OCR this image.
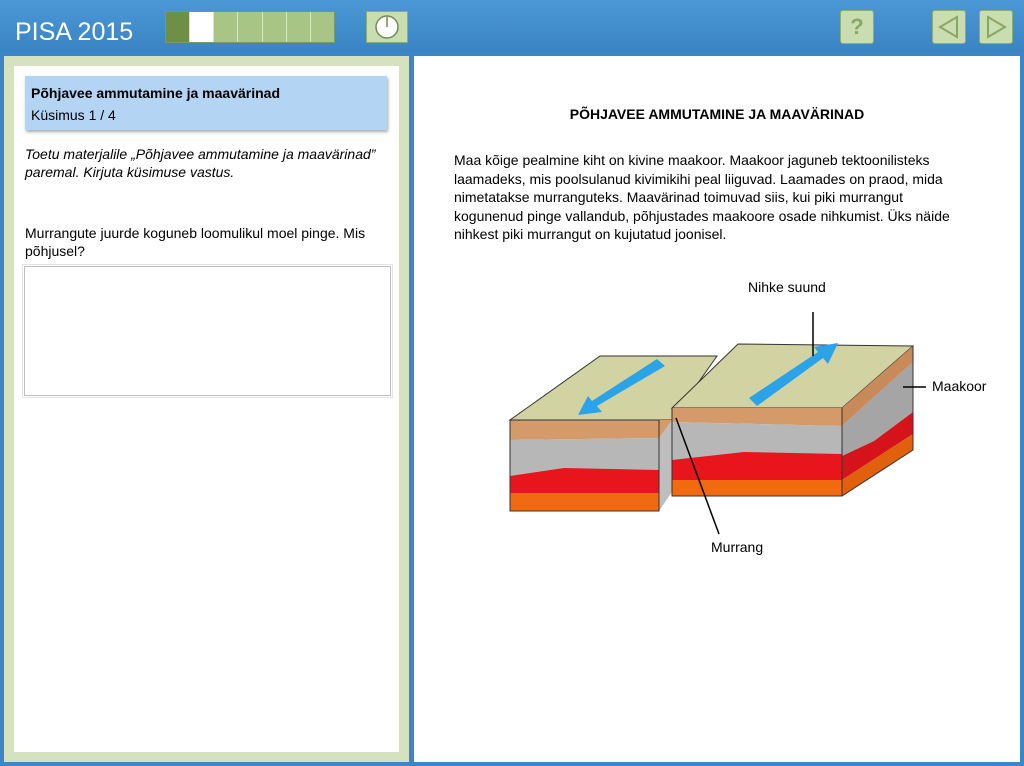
PISA 2015	?
Põhjavee ammutamine ja maavärinad
Küsimus 1 / 4
Toetu materjalile „Põhjavee ammutamine ja maavärinad” paremal. Kirjuta küsimuse vastus.
Murrangute juurde koguneb loomulikul moel pinge. Mis põhjusel?
PÕHJAVEE AMMUTAMINE JA MAAVÄRINAD
Maa kõige pealmine kiht on kivine maakoor. Maakoor jaguneb tektoonilisteks laamadeks, mis poolsulanud kivimikihi peal liiguvad. Laamades on praod, mida nimetatakse murranguteks. Maavärinad toimuvad siis, kui piki murrangut kogunenud pinge vallandub, põhjustades maakoore osade nihkumist. Üks näide nihkest piki murrangut on kujutatud joonisel.
Nihke suund
Maakoor
Murrang
